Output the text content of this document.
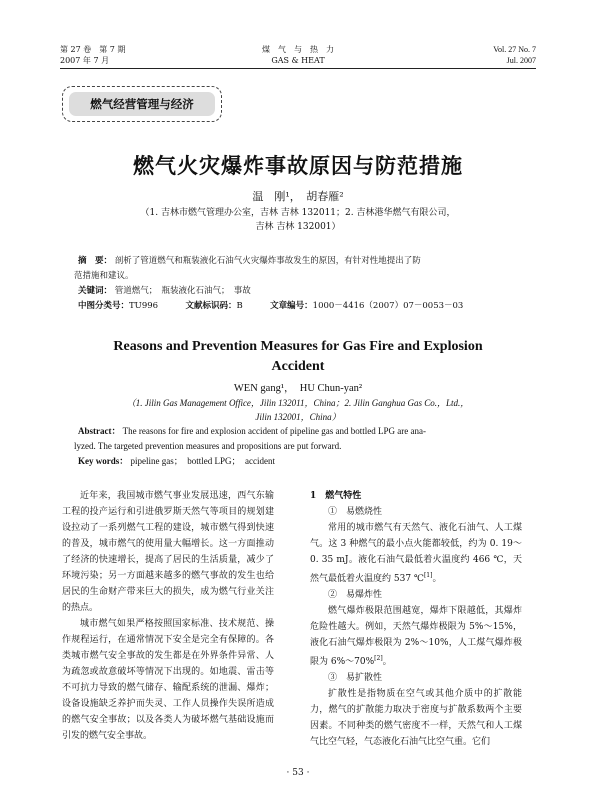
第 27 卷　第 7 期
2007 年 7 月
煤　气　与　热　力
GAS & HEAT
Vol. 27 No. 7
Jul. 2007
燃气经营管理与经济
燃气火灾爆炸事故原因与防范措施
温　刚¹，　胡春雁²
（1. 吉林市燃气管理办公室，吉林 吉林 132011；2. 吉林港华燃气有限公司，
吉林 吉林 132001）
摘　要： 剖析了管道燃气和瓶装液化石油气火灾爆炸事故发生的原因，有针对性地提出了防
范措施和建议。
关键词： 管道燃气；　瓶装液化石油气；　事故
中图分类号：TU996	文献标识码：B	文章编号：1000－4416（2007）07－0053－03
Reasons and Prevention Measures for Gas Fire and Explosion
Accident
WEN gang¹，　HU Chun-yan²
（1. Jilin Gas Management Office，Jilin 132011，China；2. Jilin Ganghua Gas Co.，Ltd.，
Jilin 132001，China）
Abstract： The reasons for fire and explosion accident of pipeline gas and bottled LPG are ana-
lyzed. The targeted prevention measures and propositions are put forward.
Key words： pipeline gas；　bottled LPG；　accident

近年来，我国城市燃气事业发展迅速，西气东输工程的投产运行和引进俄罗斯天然气等项目的规划建设拉动了一系列燃气工程的建设，城市燃气得到快速的普及，城市燃气的使用量大幅增长。这一方面推动了经济的快速增长，提高了居民的生活质量，减少了环境污染；另一方面越来越多的燃气事故的发生也给居民的生命财产带来巨大的损失，成为燃气行业关注的热点。

城市燃气如果严格按照国家标准、技术规范、操作规程运行，在通常情况下安全是完全有保障的。各类城市燃气安全事故的发生都是在外界条件异常、人为疏忽或故意破坏等情况下出现的。如地震、雷击等不可抗力导致的燃气储存、输配系统的泄漏、爆炸；设备设施缺乏养护而失灵、工作人员操作失误所造成的燃气安全事故；以及各类人为破坏燃气基础设施而引发的燃气安全事故。

1　燃气特性

①　易燃烧性

常用的城市燃气有天然气、液化石油气、人工煤气。这 3 种燃气的最小点火能都较低，约为 0. 19～0. 35 mJ。液化石油气最低着火温度约 466 ℃，天然气最低着火温度约 537 ℃[1]。

②　易爆炸性

燃气爆炸极限范围越宽，爆炸下限越低，其爆炸危险性越大。例如，天然气爆炸极限为 5%～15%，液化石油气爆炸极限为 2%～10%，人工煤气爆炸极限为 6%～70%[2]。

③　易扩散性

扩散性是指物质在空气或其他介质中的扩散能力，燃气的扩散能力取决于密度与扩散系数两个主要因素。不同种类的燃气密度不一样，天然气和人工煤气比空气轻，气态液化石油气比空气重。它们

· 53 ·
